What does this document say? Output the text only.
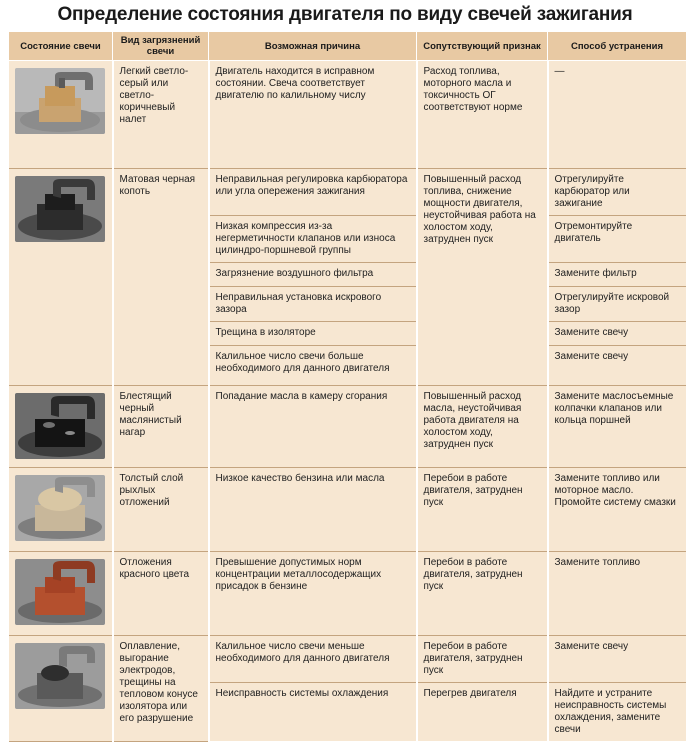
Определение состояния двигателя по виду свечей зажигания
Состояние свечи	Вид загрязнений свечи	Возможная причина	Сопутствующий признак	Способ устранения

	Легкий светло-серый или светло-коричневый налет	Двигатель находится в исправном состоянии. Свеча соответствует двигателю по калильному числу	Расход топлива, моторного масла и токсичность ОГ соответствуют норме	—

	Матовая черная копоть	Неправильная регулировка карбюратора или угла опережения зажигания	Повышенный расход топлива, снижение мощности двигателя, неустойчивая работа на холостом ходу, затруднен пуск	Отрегулируйте карбюратор или зажигание
		Низкая компрессия из-за негерметичности клапанов или износа цилиндро-поршневой группы		Отремонтируйте двигатель
		Загрязнение воздушного фильтра		Замените фильтр
		Неправильная установка искрового зазора		Отрегулируйте искровой зазор
		Трещина в изоляторе		Замените свечу
		Калильное число свечи больше необходимого для данного двигателя		Замените свечу

	Блестящий черный маслянистый нагар	Попадание масла в камеру сгорания	Повышенный расход масла, неустойчивая работа двигателя на холостом ходу, затруднен пуск	Замените маслосъемные колпачки клапанов или кольца поршней

	Толстый слой рыхлых отложений	Низкое качество бензина или масла	Перебои в работе двигателя, затруднен пуск	Замените топливо или моторное масло. Промойте систему смазки

	Отложения красного цвета	Превышение допустимых норм концентрации металлосодержащих присадок в бензине	Перебои в работе двигателя, затруднен пуск	Замените топливо

	Оплавление, выгорание электродов, трещины на тепловом конусе изолятора или его разрушение	Калильное число свечи меньше необходимого для данного двигателя	Перебои в работе двигателя, затруднен пуск	Замените свечу
		Неисправность системы охлаждения	Перегрев двигателя	Найдите и устраните неисправность системы охлаждения, замените свечи
